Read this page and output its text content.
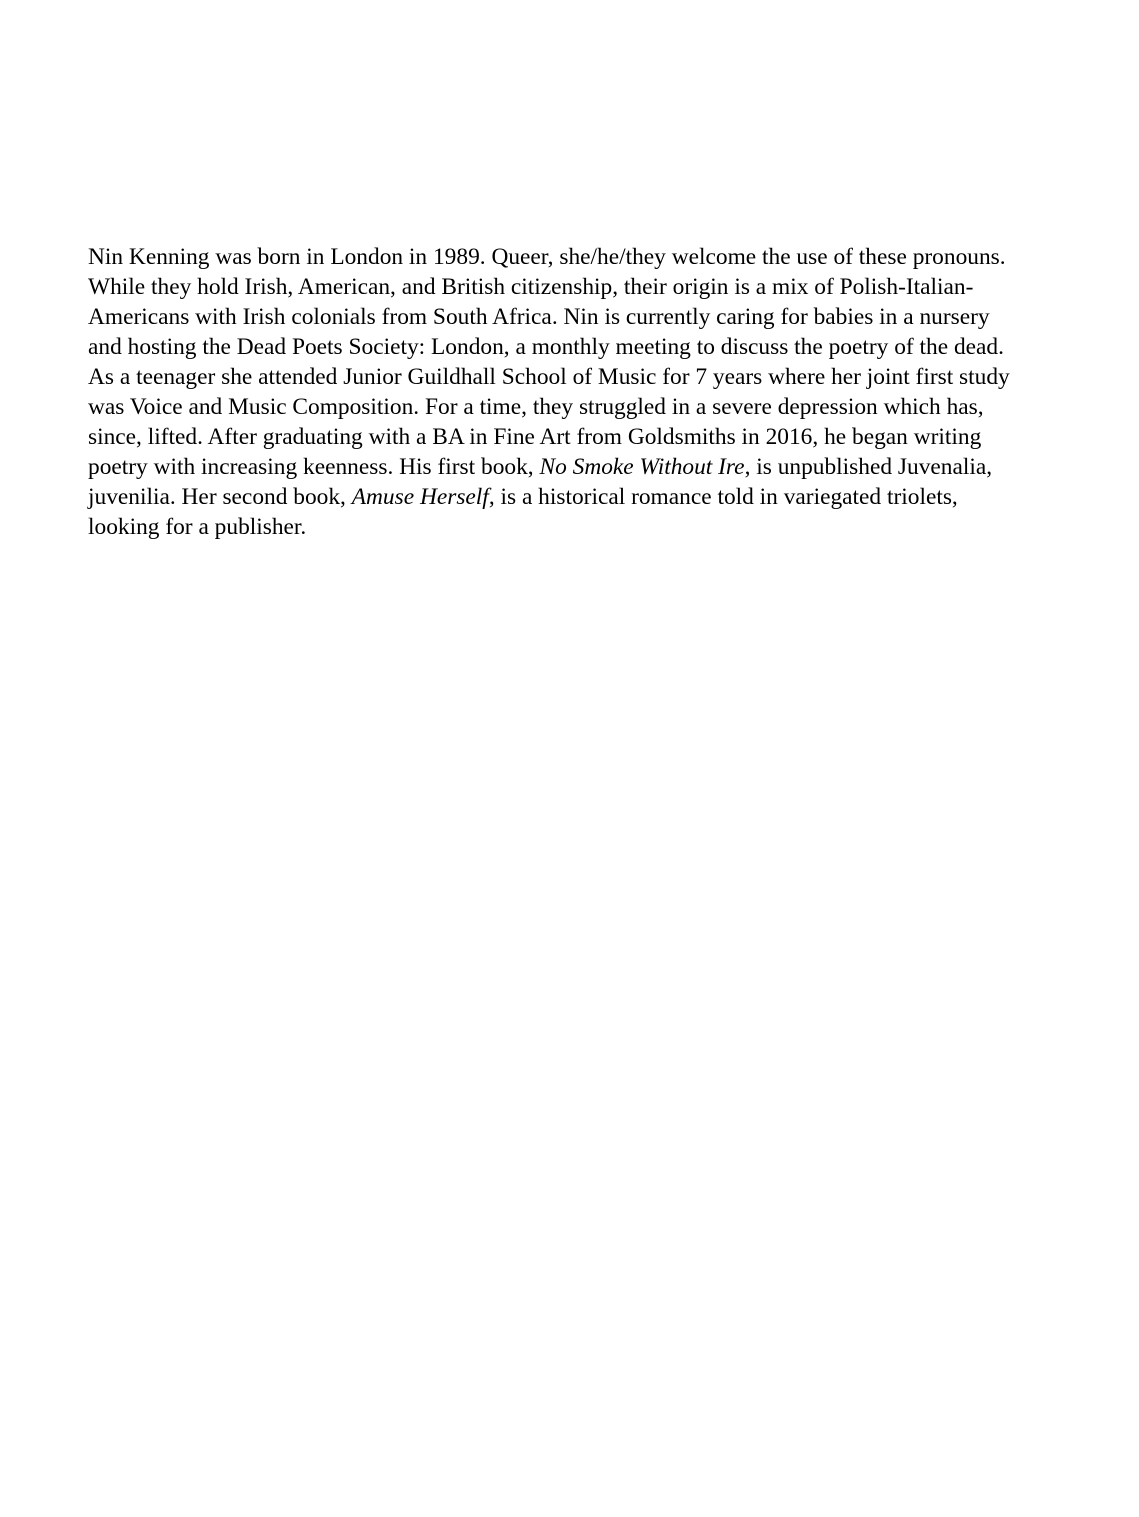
Nin Kenning was born in London in 1989. Queer, she/he/they welcome the use of these pronouns.
While they hold Irish, American, and British citizenship, their origin is a mix of Polish-Italian-
Americans with Irish colonials from South Africa. Nin is currently caring for babies in a nursery
and hosting the Dead Poets Society: London, a monthly meeting to discuss the poetry of the dead.
As a teenager she attended Junior Guildhall School of Music for 7 years where her joint first study
was Voice and Music Composition. For a time, they struggled in a severe depression which has,
since, lifted. After graduating with a BA in Fine Art from Goldsmiths in 2016, he began writing
poetry with increasing keenness. His first book, No Smoke Without Ire, is unpublished Juvenalia,
juvenilia. Her second book, Amuse Herself, is a historical romance told in variegated triolets,
looking for a publisher.
